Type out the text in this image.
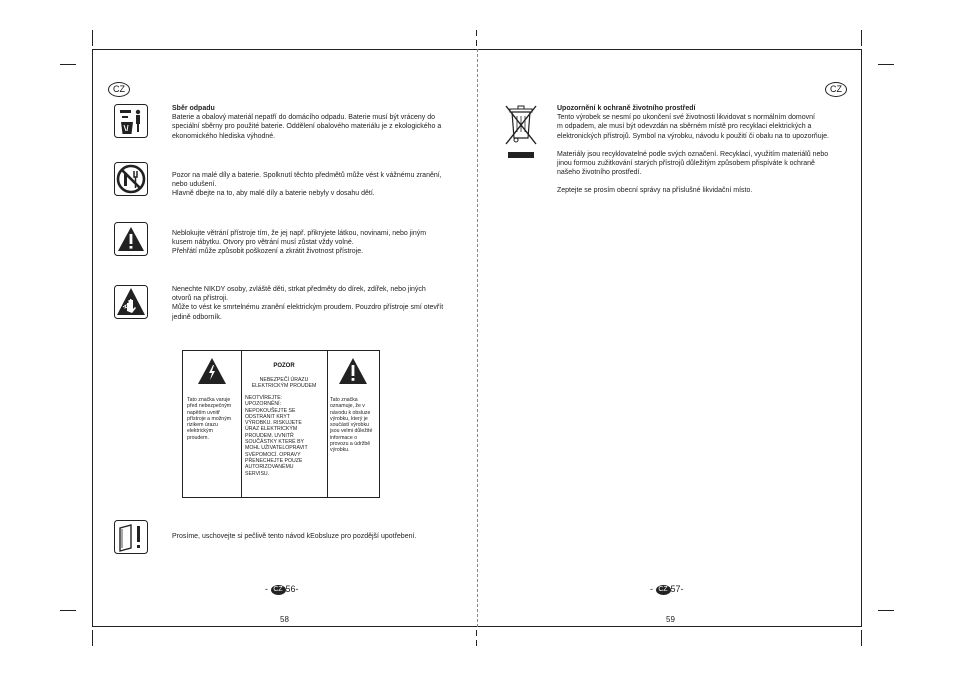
CZ	CZ
Sběr odpadu
Baterie a obalový materiál nepatří do domácího odpadu. Baterie musí být vráceny do
speciální sběrny pro použité baterie. Oddělení obalového materiálu je z ekologického a
ekonomického hlediska výhodné.
Pozor na malé díly a baterie. Spolknutí těchto předmětů může vést k vážnému zranění,
nebo udušení.
Hlavně dbejte na to, aby malé díly a baterie nebyly v dosahu dětí.
Neblokujte větrání přístroje tím, že jej např. přikryjete látkou, novinami, nebo jiným
kusem nábytku. Otvory pro větrání musí zůstat vždy volné.
Přehřátí může způsobit poškození a zkrátit životnost přístroje.
Nenechte NIKDY osoby, zvláště děti, strkat předměty do dírek, zdířek, nebo jiných
otvorů na přístroji.
Může to vést ke smrtelnému zranění elektrickým proudem. Pouzdro přístroje smí otevřít
jedině odborník.
Tato značka varuje
před nebezpečným
napětím uvnitř
přístroje a možným
rizikem úrazu
elektrickým
proudem.
POZOR
NEBEZPEČÍ ÚRAZU
ELEKTRICKÝM PROUDEM
NEOTVÍREJTE:
UPOZORNĚNÍ:
NEPOKOUŠEJTE SE
ODSTRANIT KRYT
VÝROBKU. RISKUJETE
ÚRAZ ELEKTRICKÝM
PROUDEM. UVNITŘ
SOUČÁSTKY KTERÉ BY
MOHL UŽIVATELOPRAVIT
SVÉPOMOCÍ. OPRAVY
PŘENECHEJTE POUZE
AUTORIZOVANÉMU
SERVISU.
Tato značka
oznamuje, že v
návodu k obsluze
výrobku, který je
součástí výrobku
jsou velmi důležité
informace o
provozu a údržbě
výrobku.
Prosíme, uschovejte si pečlivě tento návod kEobsluze pro pozdější upotřebení.
- CZ 56-
58
Upozornění k ochraně životního prostředí
Tento výrobek se nesmí po ukončení své životnosti likvidovat s normálním domovní
m odpadem, ale musí být odevzdán na sběrném místě pro recyklaci elektrických a
elektronických přístrojů. Symbol na výrobku, návodu k použití či obalu na to upozorňuje.
Materiály jsou recyklovatelné podle svých označení. Recyklací, využitím materiálů nebo
jinou formou zužitkování starých přístrojů důležitým způsobem přispíváte k ochraně
našeho životního prostředí.
Zeptejte se prosím obecní správy na příslušné likvidační místo.
- CZ 57-
59
